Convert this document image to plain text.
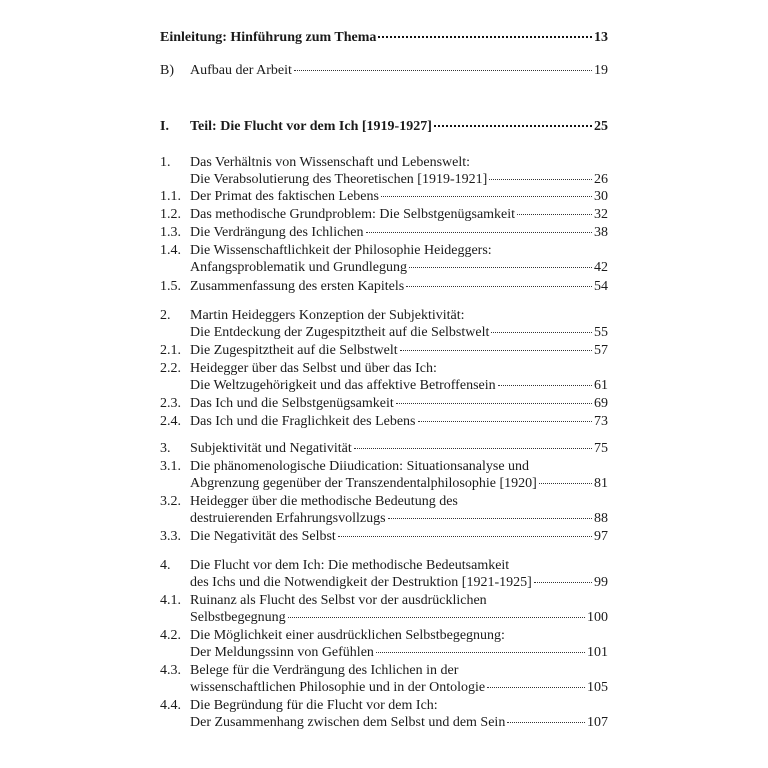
Einleitung: Hinführung zum Thema	13
B)	Aufbau der Arbeit	19
I.	Teil: Die Flucht vor dem Ich [1919-1927]	25
1.	Das Verhältnis von Wissenschaft und Lebenswelt:
Die Verabsolutierung des Theoretischen [1919-1921]	26
1.1. Der Primat des faktischen Lebens	30
1.2. Das methodische Grundproblem: Die Selbstgenügsamkeit	32
1.3. Die Verdrängung des Ichlichen	38
1.4. Die Wissenschaftlichkeit der Philosophie Heideggers:
Anfangsproblematik und Grundlegung	42
1.5. Zusammenfassung des ersten Kapitels	54
2.	Martin Heideggers Konzeption der Subjektivität:
Die Entdeckung der Zugespitztheit auf die Selbstwelt	55
2.1. Die Zugespitztheit auf die Selbstwelt	57
2.2. Heidegger über das Selbst und über das Ich:
Die Weltzugehörigkeit und das affektive Betroffensein	61
2.3. Das Ich und die Selbstgenügsamkeit	69
2.4. Das Ich und die Fraglichkeit des Lebens	73
3.	Subjektivität und Negativität	75
3.1. Die phänomenologische Diiudication: Situationsanalyse und
Abgrenzung gegenüber der Transzendentalphilosophie [1920]	81
3.2. Heidegger über die methodische Bedeutung des
destruierenden Erfahrungsvollzugs	88
3.3. Die Negativität des Selbst	97
4.	Die Flucht vor dem Ich: Die methodische Bedeutsamkeit
des Ichs und die Notwendigkeit der Destruktion [1921-1925]	99
4.1. Ruinanz als Flucht des Selbst vor der ausdrücklichen
Selbstbegegnung	100
4.2. Die Möglichkeit einer ausdrücklichen Selbstbegegnung:
Der Meldungssinn von Gefühlen	101
4.3. Belege für die Verdrängung des Ichlichen in der
wissenschaftlichen Philosophie und in der Ontologie	105
4.4. Die Begründung für die Flucht vor dem Ich:
Der Zusammenhang zwischen dem Selbst und dem Sein	107
